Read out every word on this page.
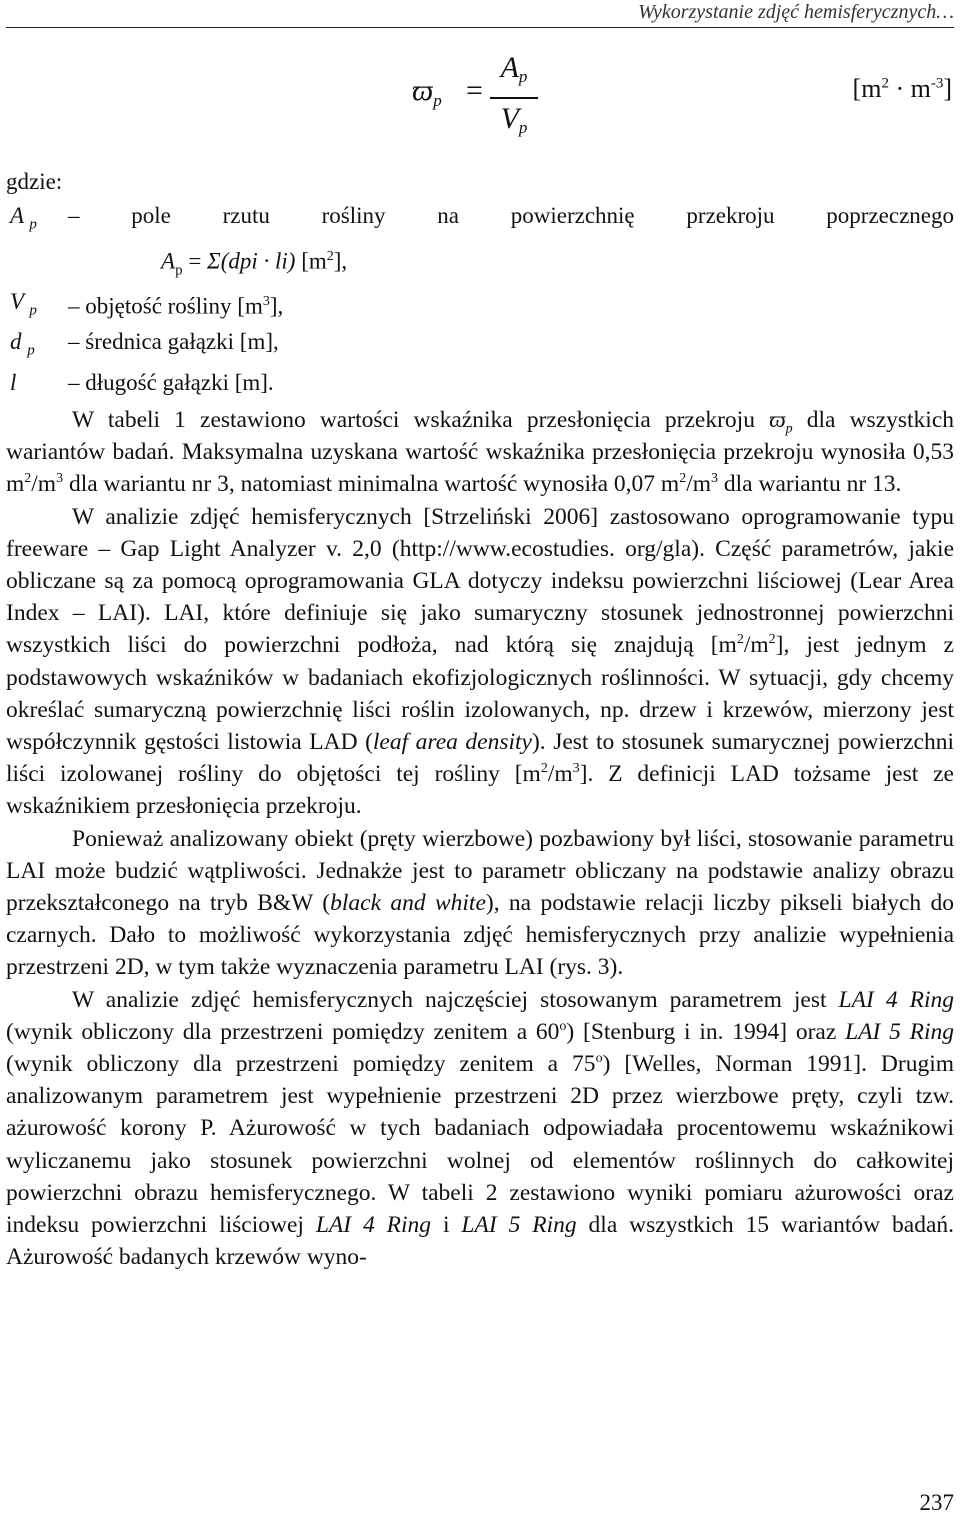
Wykorzystanie zdjęć hemisferycznych…
$ϖ_p$ =
$A_p$
$V_p$
$[m^2 \cdot m^{-3}]$
gdzie:
A $_p$	– pole rzutu rośliny na powierzchnię przekroju poprzecznego
$A_p = \Sigma(dpi \cdot li)$ $[m^2]$,
V $_p$	– objętość rośliny $[m^3]$,
d $_p$	– średnica gałązki [m],
l	– długość gałązki [m].

W tabeli 1 zestawiono wartości wskaźnika przesłonięcia przekroju $ϖ_p$ dla wszystkich wariantów badań. Maksymalna uzyskana wartość wskaźnika przesłonięcia przekroju wynosiła 0,53 $m^2/m^3$ dla wariantu nr 3, natomiast minimalna wartość wynosiła 0,07 $m^2/m^3$ dla wariantu nr 13.

W analizie zdjęć hemisferycznych [Strzeliński 2006] zastosowano oprogramowanie typu freeware – Gap Light Analyzer v. 2,0 (http://www.ecostudies. org/gla). Część parametrów, jakie obliczane są za pomocą oprogramowania GLA dotyczy indeksu powierzchni liściowej (Lear Area Index – LAI). LAI, które definiuje się jako sumaryczny stosunek jednostronnej powierzchni wszystkich liści do powierzchni podłoża, nad którą się znajdują $[m^2/m^2]$, jest jednym z podstawowych wskaźników w badaniach ekofizjologicznych roślinności. W sytuacji, gdy chcemy określać sumaryczną powierzchnię liści roślin izolowanych, np. drzew i krzewów, mierzony jest współczynnik gęstości listowia LAD (leaf area density). Jest to stosunek sumarycznej powierzchni liści izolowanej rośliny do objętości tej rośliny $[m^2/m^3]$. Z definicji LAD tożsame jest ze wskaźnikiem przesłonięcia przekroju.

Ponieważ analizowany obiekt (pręty wierzbowe) pozbawiony był liści, stosowanie parametru LAI może budzić wątpliwości. Jednakże jest to parametr obliczany na podstawie analizy obrazu przekształconego na tryb B&W (black and white), na podstawie relacji liczby pikseli białych do czarnych. Dało to możliwość wykorzystania zdjęć hemisferycznych przy analizie wypełnienia przestrzeni 2D, w tym także wyznaczenia parametru LAI (rys. 3).

W analizie zdjęć hemisferycznych najczęściej stosowanym parametrem jest LAI 4 Ring (wynik obliczony dla przestrzeni pomiędzy zenitem a 60$^o$) [Stenburg i in. 1994] oraz LAI 5 Ring (wynik obliczony dla przestrzeni pomiędzy zenitem a 75$^o$) [Welles, Norman 1991]. Drugim analizowanym parametrem jest wypełnienie przestrzeni 2D przez wierzbowe pręty, czyli tzw. ażurowość korony P. Ażurowość w tych badaniach odpowiadała procentowemu wskaźnikowi wyliczanemu jako stosunek powierzchni wolnej od elementów roślinnych do całkowitej powierzchni obrazu hemisferycznego. W tabeli 2 zestawiono wyniki pomiaru ażurowości oraz indeksu powierzchni liściowej LAI 4 Ring i LAI 5 Ring dla wszystkich 15 wariantów badań. Ażurowość badanych krzewów wyno-

237
